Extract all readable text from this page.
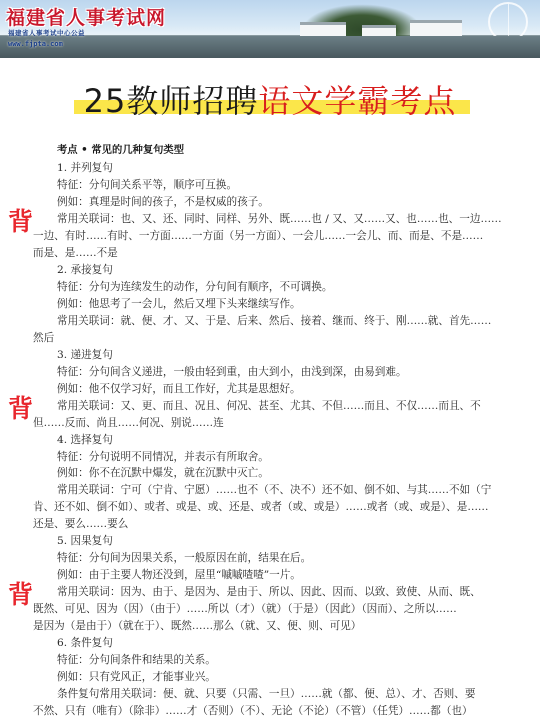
福建省人事考试网
福建省人事考试中心公益
www.fjpta.com
25教师招聘语文学霸考点
考点 • 常见的几种复句类型
1. 并列复句
特征：分句间关系平等，顺序可互换。
例如：真理是时间的孩子，不是权威的孩子。
常用关联词：也、又、还、同时、同样、另外、既……也 / 又、又……又、也……也、一边……
一边、有时……有时、一方面……一方面（另一方面）、一会儿……一会儿、而、而是、不是……
而是、是……不是
2. 承接复句
特征：分句为连续发生的动作，分句间有顺序，不可调换。
例如：他思考了一会儿，然后又埋下头来继续写作。
常用关联词：就、便、才、又、于是、后来、然后、接着、继而、终于、刚……就、首先……
然后
3. 递进复句
特征：分句间含义递进，一般由轻到重，由大到小，由浅到深，由易到难。
例如：他不仅学习好，而且工作好，尤其是思想好。
常用关联词：又、更、而且、况且、何况、甚至、尤其、不但……而且、不仅……而且、不
但……反而、尚且……何况、别说……连
4. 选择复句
特征：分句说明不同情况，并表示有所取舍。
例如：你不在沉默中爆发，就在沉默中灭亡。
常用关联词：宁可（宁肯、宁愿）……也不（不、决不）还不如、倒不如、与其……不如（宁
肯、还不如、倒不如）、或者、或是、或、还是、或者（或、或是）……或者（或、或是）、是……
还是、要么……要么
5. 因果复句
特征：分句间为因果关系，一般原因在前，结果在后。
例如：由于主要人物还没到，屋里“嘁嘁喳喳”一片。
常用关联词：因为、由于、是因为、是由于、所以、因此、因而、以致、致使、从而、既、
既然、可见、因为（因）（由于）……所以（才）（就）（于是）（因此）（因而）、之所以……
是因为（是由于）（就在于）、既然……那么（就、又、便、则、可见）
6. 条件复句
特征：分句间条件和结果的关系。
例如：只有党风正，才能事业兴。
条件复句常用关联词：便、就、只要（只需、一旦）……就（都、便、总）、才、否则、要
不然、只有（唯有）（除非）……才（否则）（不）、无论（不论）（不管）（任凭）……都（也）
背
背
背
